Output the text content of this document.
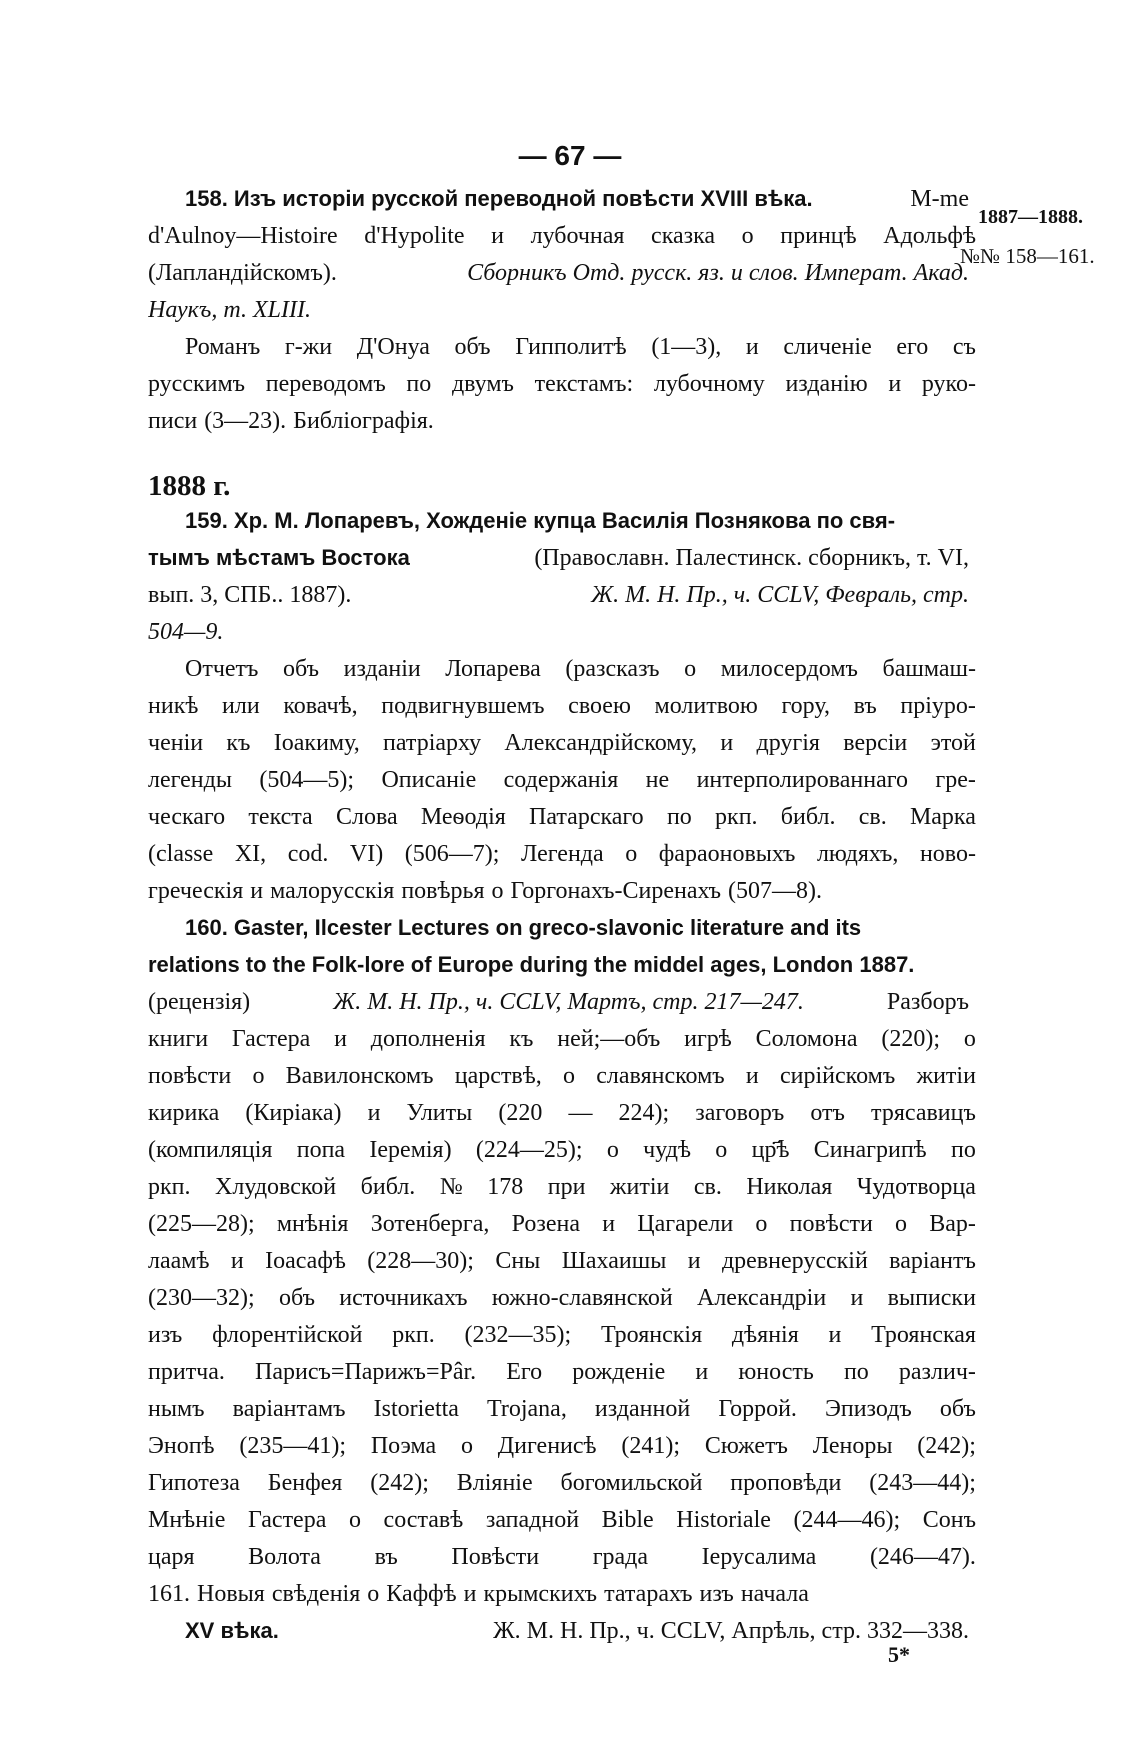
— 67 —
1887—1888.
№№ 158—161.
158. Изъ исторіи русской переводной повѣсти XVIII вѣка.	М-me
d'Aulnoy—Histoire d'Hypolite и лубочная сказка о принцѣ Адольфѣ
(Лапландійскомъ).	Сборникъ Отд. русск. яз. и слов. Императ. Акад.
Наукъ, т. XLIII.
Романъ г-жи Д'Онуа объ Гипполитѣ (1—3), и сличеніе его съ
русскимъ переводомъ по двумъ текстамъ: лубочному изданію и руко-
писи (3—23). Библіографія.
1888 г.
159. Хр. М. Лопаревъ, Хожденіе купца Василія Познякова по свя-
тымъ мѣстамъ Востока	(Православн. Палестинск. сборникъ, т. VI,
вып. 3, СПБ.. 1887).	Ж. М. Н. Пр., ч. CCLV, Февраль, стр.
504—9.
Отчетъ объ изданіи Лопарева (разсказъ о милосердомъ башмаш-
никѣ или ковачѣ, подвигнувшемъ своею молитвою гору, въ пріуро-
ченіи къ Іоакиму, патріарху Александрійскому, и другія версіи этой
легенды (504—5); Описаніе содержанія не интерполированнаго гре-
ческаго текста Слова Меѳодія Патарскаго по ркп. библ. св. Марка
(classe XI, cod. VI) (506—7); Легенда о фараоновыхъ людяхъ, ново-
греческія и малорусскія повѣрья о Горгонахъ-Сиренахъ (507—8).
160. Gaster, Ilcester Lectures on greco-slavonic literature and its
relations to the Folk-lore of Europe during the middel ages, London 1887.
(рецензія)	Ж. М. Н. Пр., ч. CCLV, Мартъ, стр. 217—247.	Разборъ
книги Гастера и дополненія къ ней;—объ игрѣ Соломона (220); о
повѣсти о Вавилонскомъ царствѣ, о славянскомъ и сирійскомъ житіи
кирика (Киріака) и Улиты (220 — 224); заговоръ отъ трясавицъ
(компиляція попа Іеремія) (224—25); о чудѣ о цр҃ѣ Синагрипѣ по
ркп. Хлудовской библ. № 178 при житіи св. Николая Чудотворца
(225—28); мнѣнія Зотенберга, Розена и Цагарели о повѣсти о Вар-
лаамѣ и Іоасафѣ (228—30); Сны Шахаишы и древнерусскій варіантъ
(230—32); объ источникахъ южно-славянской Александріи и выписки
изъ флорентійской ркп. (232—35); Троянскія дѣянія и Троянская
притча. Парисъ=Парижъ=Pâr. Его рожденіе и юность по различ-
нымъ варіантамъ Istorietta Trojana, изданной Горрой. Эпизодъ объ
Энопѣ (235—41); Поэма о Дигенисѣ (241); Сюжетъ Леноры (242);
Гипотеза Бенфея (242); Вліяніе богомильской проповѣди (243—44);
Мнѣніе Гастера о составѣ западной Bible Historiale (244—46); Сонъ
царя Волота въ Повѣсти града Іерусалима (246—47).
161. Новыя свѣденія о Каффѣ и крымскихъ татарахъ изъ начала
XV вѣка.	Ж. М. Н. Пр., ч. CCLV, Апрѣль, стр. 332—338.
5*
